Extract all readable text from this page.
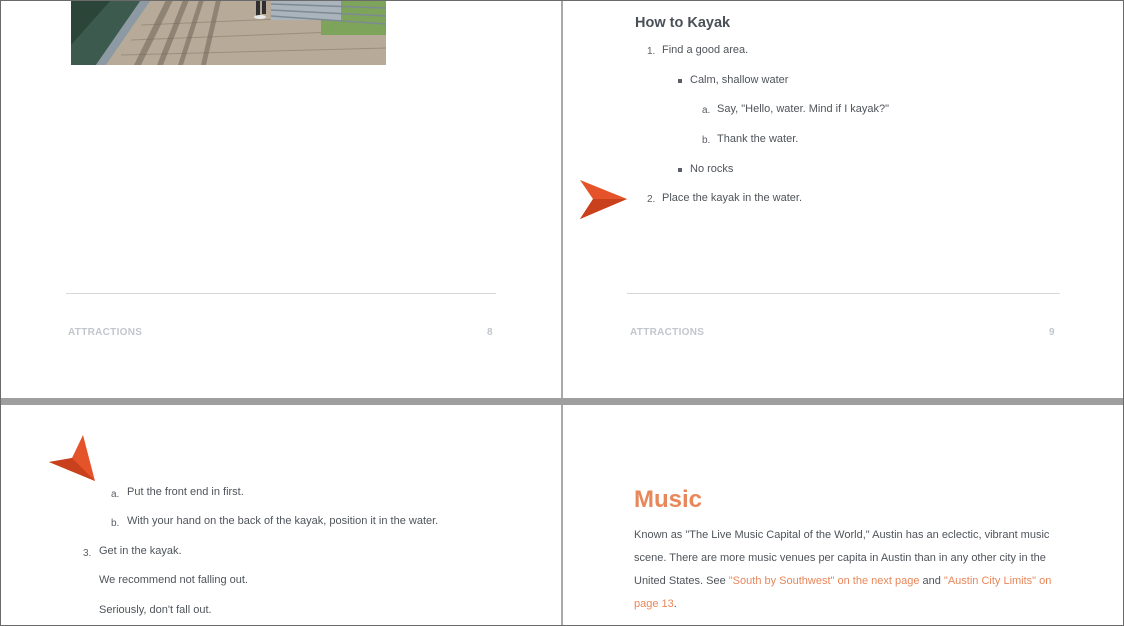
ATTRACTIONS	8
How to Kayak
1. Find a good area.
Calm, shallow water
a. Say, "Hello, water. Mind if I kayak?"
b. Thank the water.
No rocks
2. Place the kayak in the water.
ATTRACTIONS	9
a. Put the front end in first.
b. With your hand on the back of the kayak, position it in the water.
3. Get in the kayak.
We recommend not falling out.
Seriously, don't fall out.
Music
Known as "The Live Music Capital of the World," Austin has an eclectic, vibrant music scene. There are more music venues per capita in Austin than in any other city in the United States. See "South by Southwest" on the next page and "Austin City Limits" on page 13.
